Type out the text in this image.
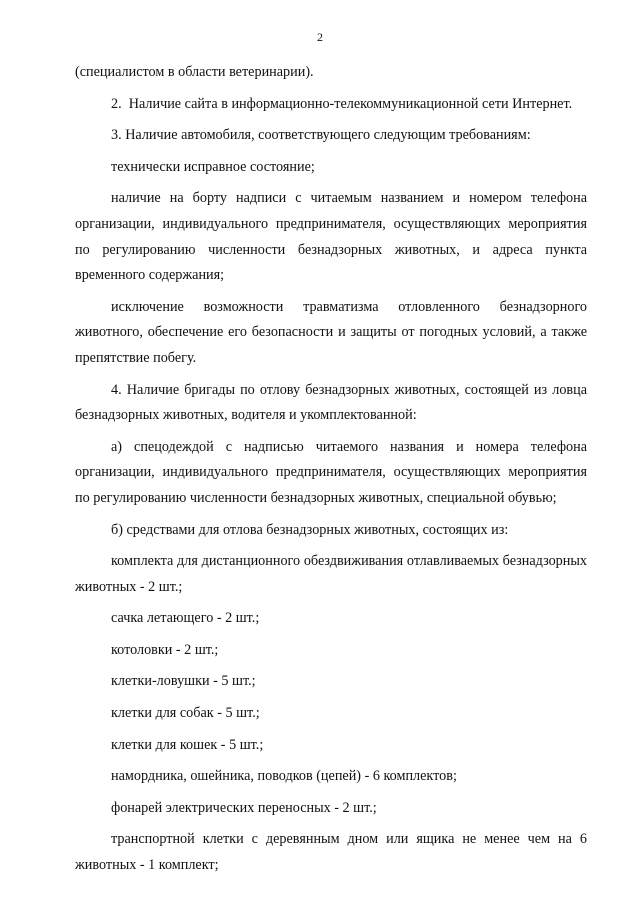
2

(специалистом в области ветеринарии).

2.  Наличие сайта в информационно-телекоммуникационной сети Интернет.

3. Наличие автомобиля, соответствующего следующим требованиям:

технически исправное состояние;

наличие на борту надписи с читаемым названием и номером телефона организации, индивидуального предпринимателя, осуществляющих мероприятия по регулированию численности безнадзорных животных, и адреса пункта временного содержания;

исключение возможности травматизма отловленного безнадзорного животного, обеспечение его безопасности и защиты от погодных условий, а также препятствие побегу.

4. Наличие бригады по отлову безнадзорных животных, состоящей из ловца безнадзорных животных, водителя и укомплектованной:

а) спецодеждой с надписью читаемого названия и номера телефона организации, индивидуального предпринимателя, осуществляющих мероприятия по регулированию численности безнадзорных животных, специальной обувью;

б) средствами для отлова безнадзорных животных, состоящих из:

комплекта для дистанционного обездвиживания отлавливаемых безнадзорных животных - 2 шт.;

сачка летающего - 2 шт.;

котоловки - 2 шт.;

клетки-ловушки - 5 шт.;

клетки для собак - 5 шт.;

клетки для кошек - 5 шт.;

намордника, ошейника, поводков (цепей) - 6 комплектов;

фонарей электрических переносных - 2 шт.;

транспортной клетки с деревянным дном или ящика не менее чем на 6 животных - 1 комплект;
